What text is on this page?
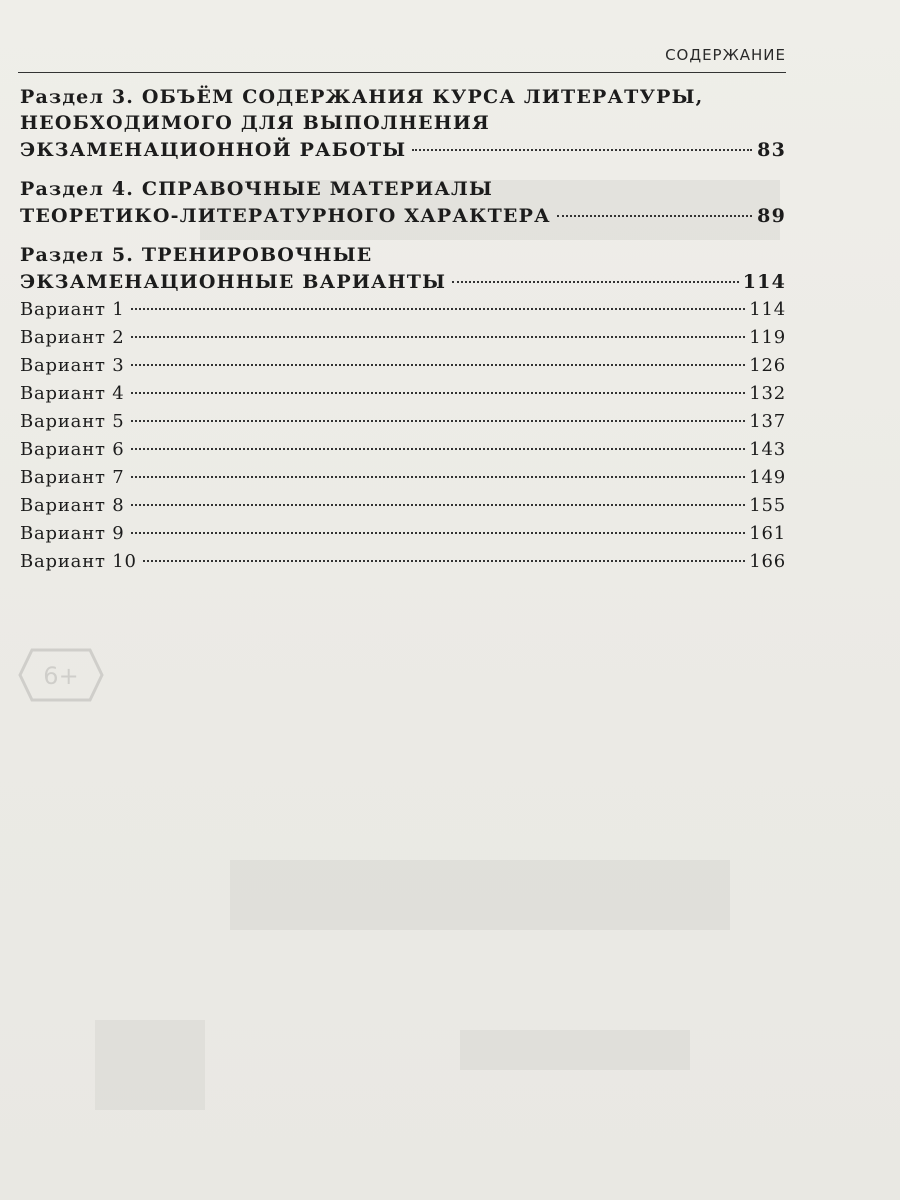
6+
СОДЕРЖАНИЕ
Раздел 3. ОБЪЁМ СОДЕРЖАНИЯ КУРСА ЛИТЕРАТУРЫ,
НЕОБХОДИМОГО ДЛЯ ВЫПОЛНЕНИЯ
ЭКЗАМЕНАЦИОННОЙ РАБОТЫ	83
Раздел 4. СПРАВОЧНЫЕ МАТЕРИАЛЫ
ТЕОРЕТИКО-ЛИТЕРАТУРНОГО ХАРАКТЕРА	89
Раздел 5. ТРЕНИРОВОЧНЫЕ
ЭКЗАМЕНАЦИОННЫЕ ВАРИАНТЫ	114
Вариант 1	114
Вариант 2	119
Вариант 3	126
Вариант 4	132
Вариант 5	137
Вариант 6	143
Вариант 7	149
Вариант 8	155
Вариант 9	161
Вариант 10	166
